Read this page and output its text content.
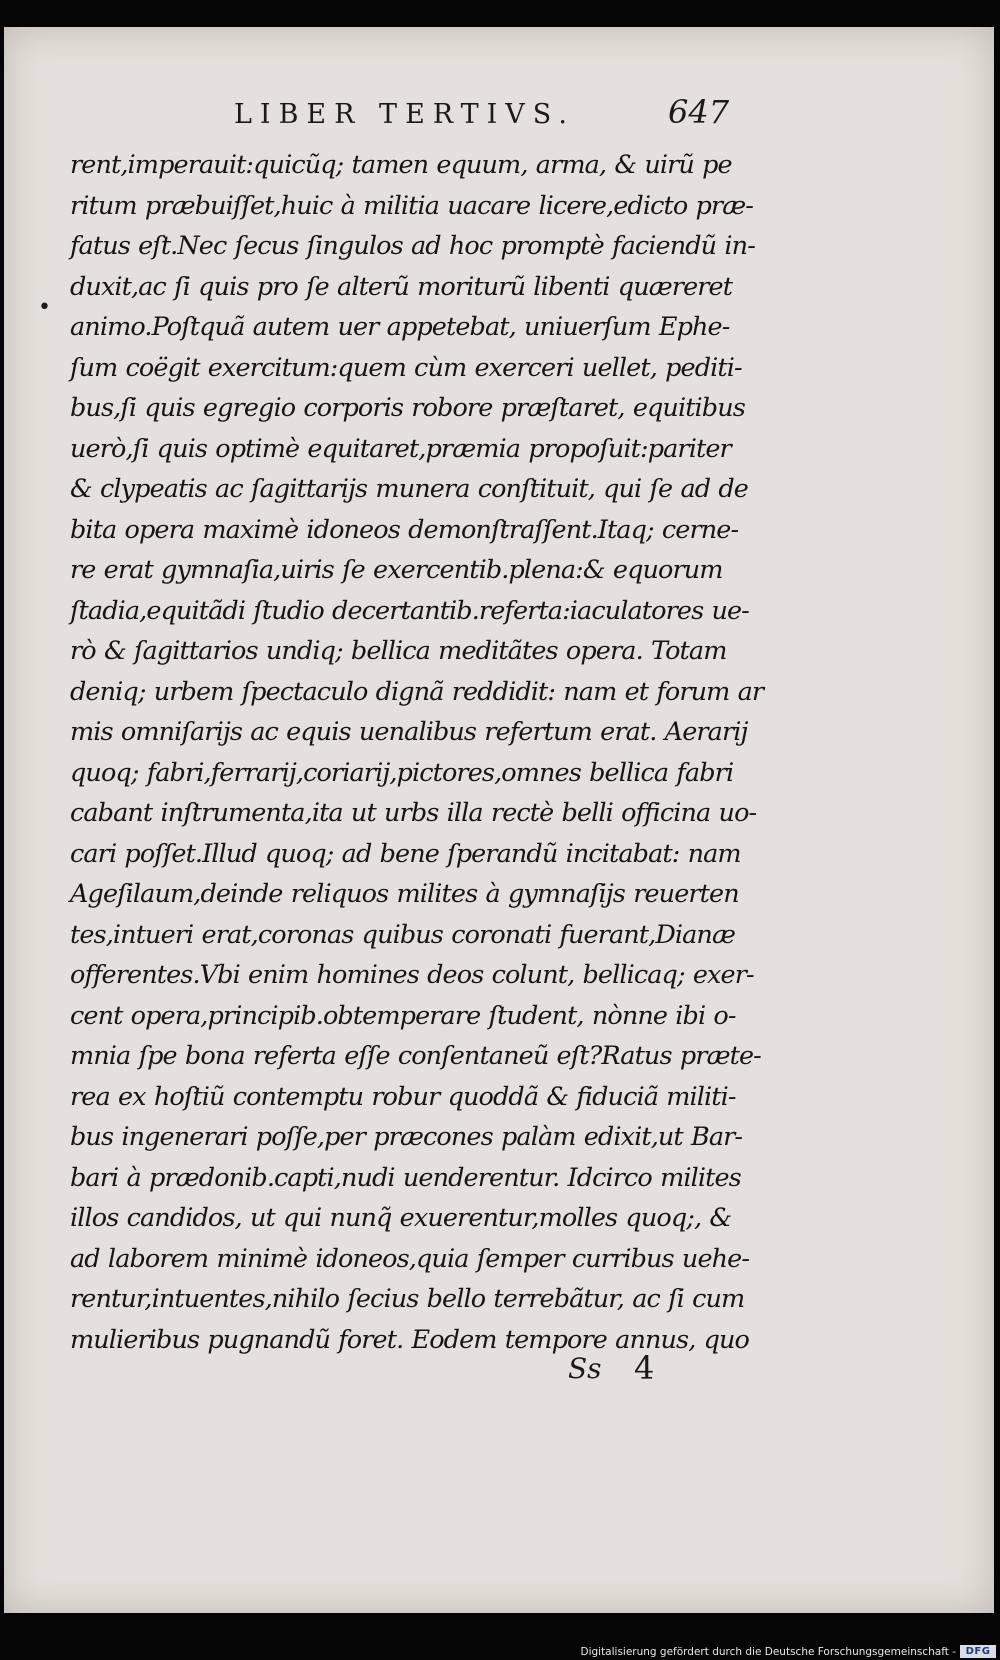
LIBER TERTIVS.	647
•
rent,imperauit:quicũq; tamen equum, arma, & uirũ pe
ritum præbuiſſet,huic à militia uacare licere,edicto præ-
fatus eſt.Nec ſecus ſingulos ad hoc promptè faciendũ in-
duxit,ac ſi quis pro ſe alterũ moriturũ libenti quæreret
animo.Poſtquã autem uer appetebat, uniuerſum Ephe-
ſum coëgit exercitum:quem cùm exerceri uellet, pediti-
bus,ſi quis egregio corporis robore præſtaret, equitibus
uerò,ſi quis optimè equitaret,præmia propoſuit:pariter
& clypeatis ac ſagittarijs munera conſtituit, qui ſe ad de
bita opera maximè idoneos demonſtraſſent.Itaq; cerne-
re erat gymnaſia,uiris ſe exercentib.plena:& equorum
ſtadia,equitãdi ſtudio decertantib.referta:iaculatores ue-
rò & ſagittarios undiq; bellica meditãtes opera. Totam
deniq; urbem ſpectaculo dignã reddidit: nam et forum ar
mis omniſarijs ac equis uenalibus refertum erat. Aerarij
quoq; fabri,ferrarij,coriarij,pictores,omnes bellica fabri
cabant inſtrumenta,ita ut urbs illa rectè belli officina uo-
cari poſſet.Illud quoq; ad bene ſperandũ incitabat: nam
Ageſilaum,deinde reliquos milites à gymnaſijs reuerten
tes,intueri erat,coronas quibus coronati fuerant,Dianæ
offerentes.Vbi enim homines deos colunt, bellicaq; exer-
cent opera,principib.obtemperare ſtudent, nònne ibi o-
mnia ſpe bona referta eſſe conſentaneũ eſt?Ratus præte-
rea ex hoſtiũ contemptu robur quoddã & fiduciã militi-
bus ingenerari poſſe,per præcones palàm edixit,ut Bar-
bari à prædonib.capti,nudi uenderentur. Idcirco milites
illos candidos, ut qui nunq̃ exuerentur,molles quoq;, &
ad laborem minimè idoneos,quia ſemper curribus uehe-
rentur,intuentes,nihilo ſecius bello terrebãtur, ac ſi cum
mulieribus pugnandũ foret. Eodem tempore annus, quo
Ss 4
Digitalisierung gefördert durch die Deutsche Forschungsgemeinschaft - DFG
